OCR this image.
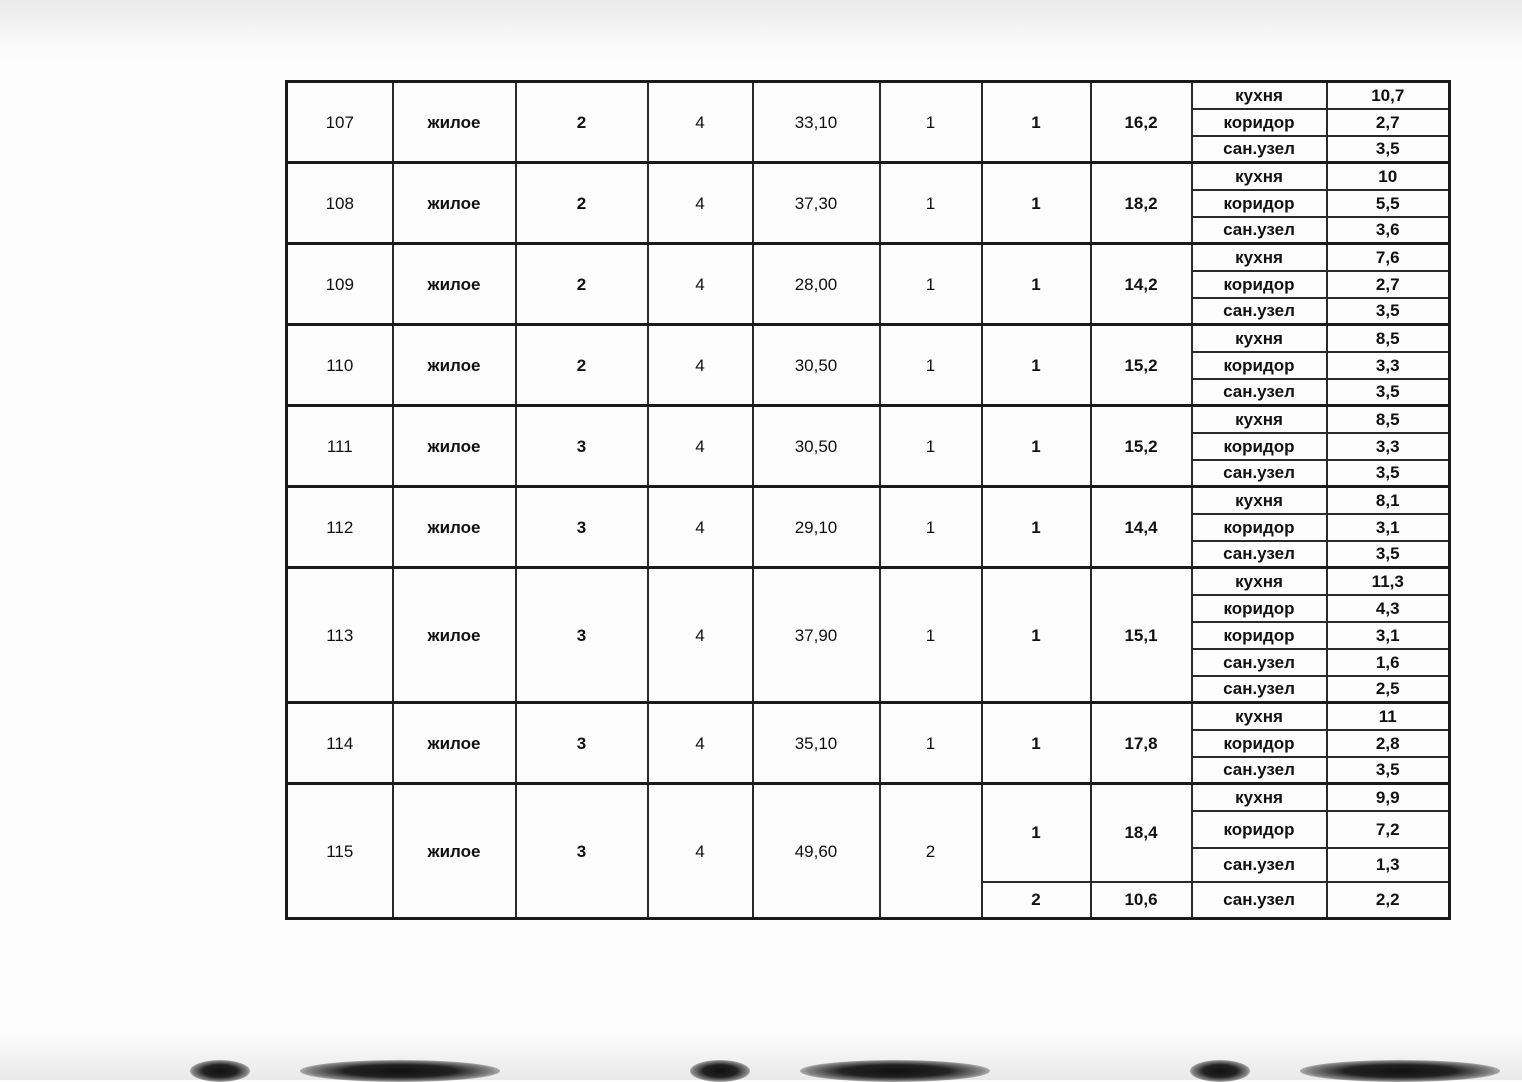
107	жилое	2	4	33,10	1	1	16,2	кухня	10,7
								коридор	2,7
								сан.узел	3,5
108	жилое	2	4	37,30	1	1	18,2	кухня	10
								коридор	5,5
								сан.узел	3,6
109	жилое	2	4	28,00	1	1	14,2	кухня	7,6
								коридор	2,7
								сан.узел	3,5
110	жилое	2	4	30,50	1	1	15,2	кухня	8,5
								коридор	3,3
								сан.узел	3,5
111	жилое	3	4	30,50	1	1	15,2	кухня	8,5
								коридор	3,3
								сан.узел	3,5
112	жилое	3	4	29,10	1	1	14,4	кухня	8,1
								коридор	3,1
								сан.узел	3,5
113	жилое	3	4	37,90	1	1	15,1	кухня	11,3
								коридор	4,3
								коридор	3,1
								сан.узел	1,6
								сан.узел	2,5
114	жилое	3	4	35,10	1	1	17,8	кухня	11
								коридор	2,8
								сан.узел	3,5
115	жилое	3	4	49,60	2	1	18,4	кухня	9,9
								коридор	7,2
								сан.узел	1,3
						2	10,6	сан.узел	2,2
